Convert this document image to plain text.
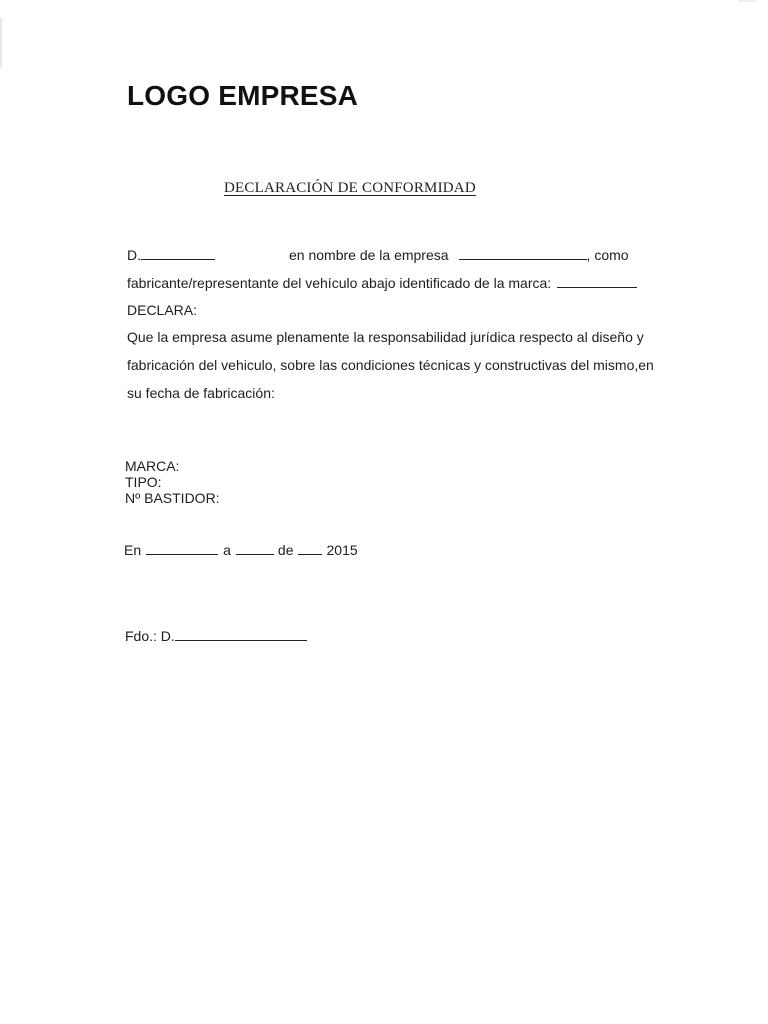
LOGO EMPRESA
DECLARACIÓN DE CONFORMIDAD
D.	en nombre de la empresa	, como
fabricante/representante del vehículo abajo identificado de la marca:
DECLARA:
Que la empresa asume plenamente la responsabilidad jurídica respecto al diseño y
fabricación del vehiculo, sobre las condiciones técnicas y constructivas del mismo,en
su fecha de fabricación:
MARCA:
TIPO:
Nº BASTIDOR:
En	a	de 2015
Fdo.: D.
